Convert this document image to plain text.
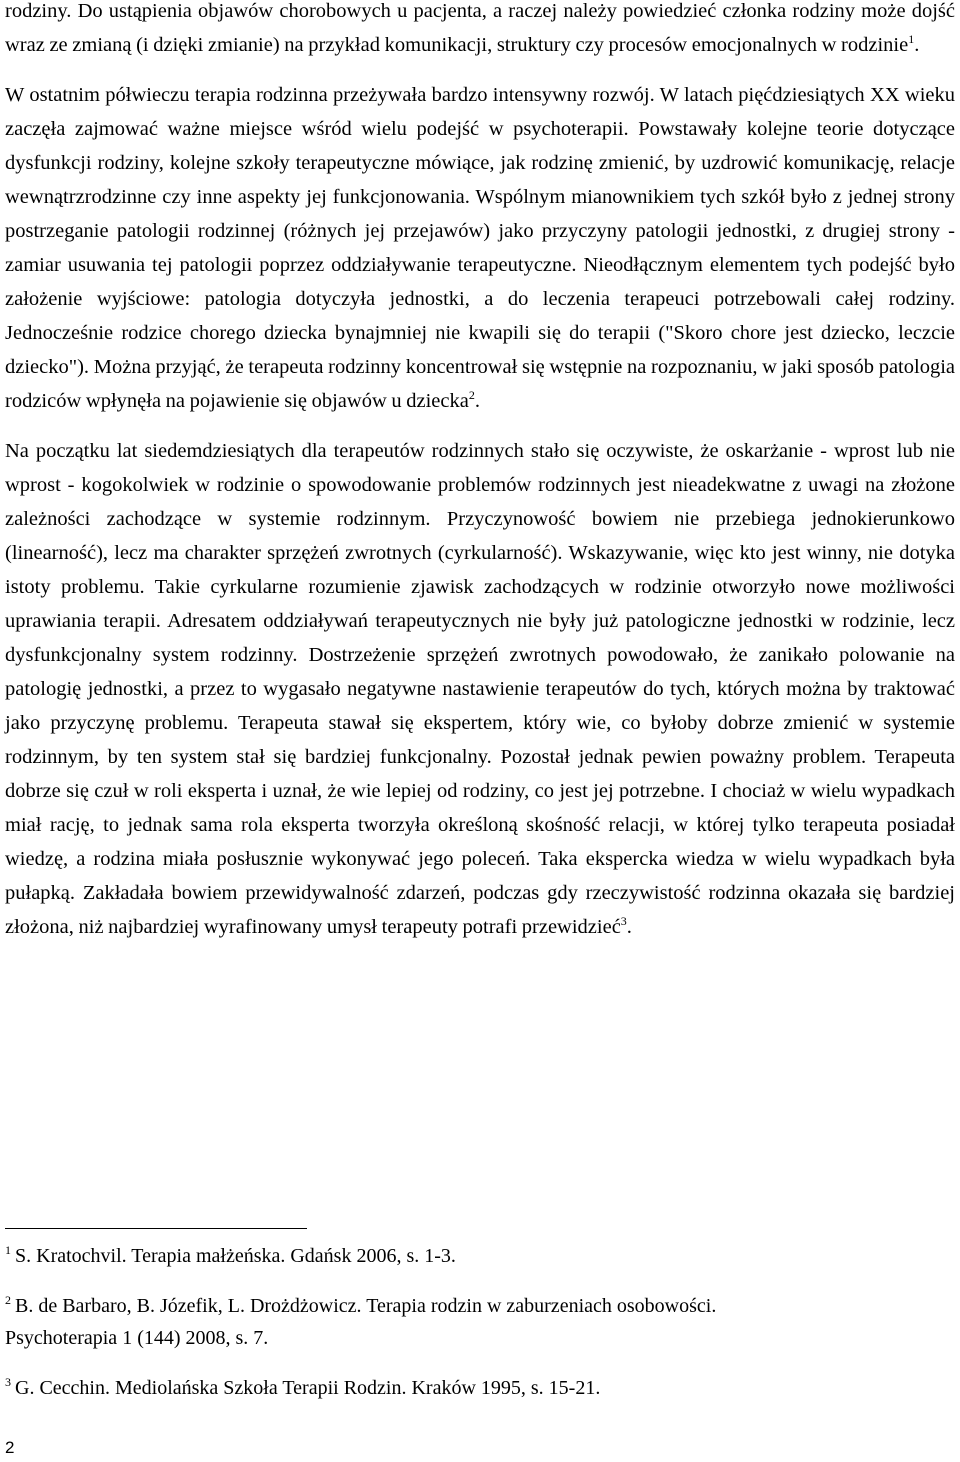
rodziny. Do ustąpienia objawów chorobowych u pacjenta, a raczej należy powiedzieć członka rodziny może dojść wraz ze zmianą (i dzięki zmianie) na przykład komunikacji, struktury czy procesów emocjonalnych w rodzinie$^1$.

W ostatnim półwieczu terapia rodzinna przeżywała bardzo intensywny rozwój. W latach pięćdziesiątych XX wieku zaczęła zajmować ważne miejsce wśród wielu podejść w psychoterapii. Powstawały kolejne teorie dotyczące dysfunkcji rodziny, kolejne szkoły terapeutyczne mówiące, jak rodzinę zmienić, by uzdrowić komunikację, relacje wewnątrzrodzinne czy inne aspekty jej funkcjonowania. Wspólnym mianownikiem tych szkół było z jednej strony postrzeganie patologii rodzinnej (różnych jej przejawów) jako przyczyny patologii jednostki, z drugiej strony - zamiar usuwania tej patologii poprzez oddziaływanie terapeutyczne. Nieodłącznym elementem tych podejść było założenie wyjściowe: patologia dotyczyła jednostki, a do leczenia terapeuci potrzebowali całej rodziny. Jednocześnie rodzice chorego dziecka bynajmniej nie kwapili się do terapii ("Skoro chore jest dziecko, leczcie dziecko"). Można przyjąć, że terapeuta rodzinny koncentrował się wstępnie na rozpoznaniu, w jaki sposób patologia rodziców wpłynęła na pojawienie się objawów u dziecka$^2$.

Na początku lat siedemdziesiątych dla terapeutów rodzinnych stało się oczywiste, że oskarżanie - wprost lub nie wprost - kogokolwiek w rodzinie o spowodowanie problemów rodzinnych jest nieadekwatne z uwagi na złożone zależności zachodzące w systemie rodzinnym. Przyczynowość bowiem nie przebiega jednokierunkowo (linearność), lecz ma charakter sprzężeń zwrotnych (cyrkularność). Wskazywanie, więc kto jest winny, nie dotyka istoty problemu. Takie cyrkularne rozumienie zjawisk zachodzących w rodzinie otworzyło nowe możliwości uprawiania terapii. Adresatem oddziaływań terapeutycznych nie były już patologiczne jednostki w rodzinie, lecz dysfunkcjonalny system rodzinny. Dostrzeżenie sprzężeń zwrotnych powodowało, że zanikało polowanie na patologię jednostki, a przez to wygasało negatywne nastawienie terapeutów do tych, których można by traktować jako przyczynę problemu. Terapeuta stawał się ekspertem, który wie, co byłoby dobrze zmienić w systemie rodzinnym, by ten system stał się bardziej funkcjonalny. Pozostał jednak pewien poważny problem. Terapeuta dobrze się czuł w roli eksperta i uznał, że wie lepiej od rodziny, co jest jej potrzebne. I chociaż w wielu wypadkach miał rację, to jednak sama rola eksperta tworzyła określoną skośność relacji, w której tylko terapeuta posiadał wiedzę, a rodzina miała posłusznie wykonywać jego poleceń. Taka ekspercka wiedza w wielu wypadkach była pułapką. Zakładała bowiem przewidywalność zdarzeń, podczas gdy rzeczywistość rodzinna okazała się bardziej złożona, niż najbardziej wyrafinowany umysł terapeuty potrafi przewidzieć$^3$.

$^1$ S. Kratochvil. Terapia małżeńska. Gdańsk 2006, s. 1-3.

$^2$ B. de Barbaro, B. Józefik, L. Drożdżowicz. Terapia rodzin w zaburzeniach osobowości.
Psychoterapia 1 (144) 2008, s. 7.

$^3$ G. Cecchin. Mediolańska Szkoła Terapii Rodzin. Kraków 1995, s. 15-21.

2
